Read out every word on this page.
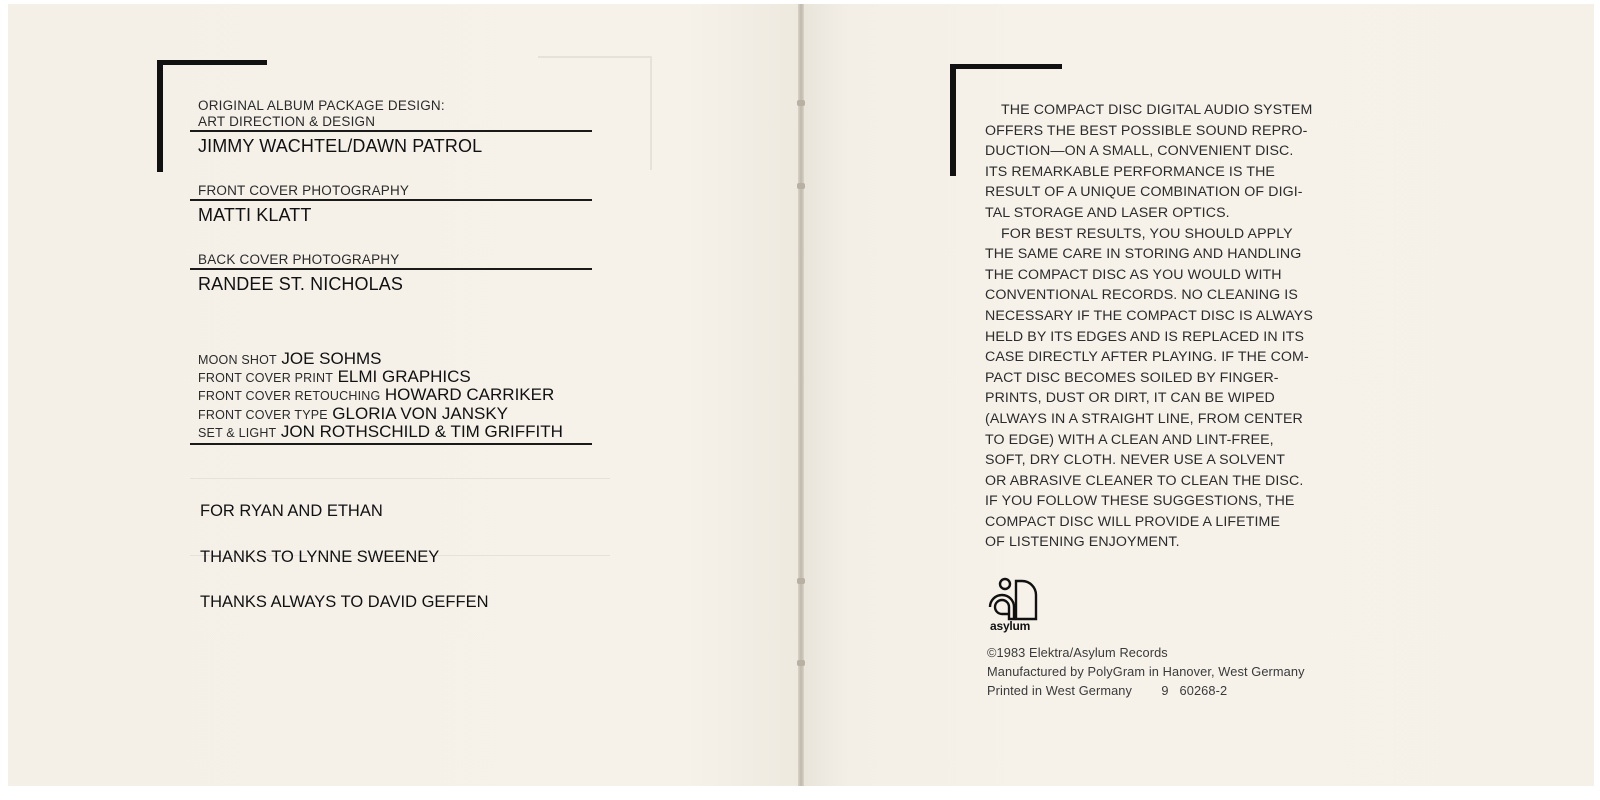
ORIGINAL ALBUM PACKAGE DESIGN:
ART DIRECTION & DESIGN
JIMMY WACHTEL/DAWN PATROL
FRONT COVER PHOTOGRAPHY
MATTI KLATT
BACK COVER PHOTOGRAPHY
RANDEE ST. NICHOLAS
MOON SHOT JOE SOHMS
FRONT COVER PRINT ELMI GRAPHICS
FRONT COVER RETOUCHING HOWARD CARRIKER
FRONT COVER TYPE GLORIA VON JANSKY
SET & LIGHT JON ROTHSCHILD & TIM GRIFFITH
FOR RYAN AND ETHAN
THANKS TO LYNNE SWEENEY
THANKS ALWAYS TO DAVID GEFFEN

THE COMPACT DISC DIGITAL AUDIO SYSTEM
OFFERS THE BEST POSSIBLE SOUND REPRO-
DUCTION—ON A SMALL, CONVENIENT DISC.
ITS REMARKABLE PERFORMANCE IS THE
RESULT OF A UNIQUE COMBINATION OF DIGI-
TAL STORAGE AND LASER OPTICS.

FOR BEST RESULTS, YOU SHOULD APPLY
THE SAME CARE IN STORING AND HANDLING
THE COMPACT DISC AS YOU WOULD WITH
CONVENTIONAL RECORDS. NO CLEANING IS
NECESSARY IF THE COMPACT DISC IS ALWAYS
HELD BY ITS EDGES AND IS REPLACED IN ITS
CASE DIRECTLY AFTER PLAYING. IF THE COM-
PACT DISC BECOMES SOILED BY FINGER-
PRINTS, DUST OR DIRT, IT CAN BE WIPED
(ALWAYS IN A STRAIGHT LINE, FROM CENTER
TO EDGE) WITH A CLEAN AND LINT-FREE,
SOFT, DRY CLOTH. NEVER USE A SOLVENT
OR ABRASIVE CLEANER TO CLEAN THE DISC.
IF YOU FOLLOW THESE SUGGESTIONS, THE
COMPACT DISC WILL PROVIDE A LIFETIME
OF LISTENING ENJOYMENT.

asylum
©1983 Elektra/Asylum Records
Manufactured by PolyGram in Hanover, West Germany
Printed in West Germany 9   60268-2
